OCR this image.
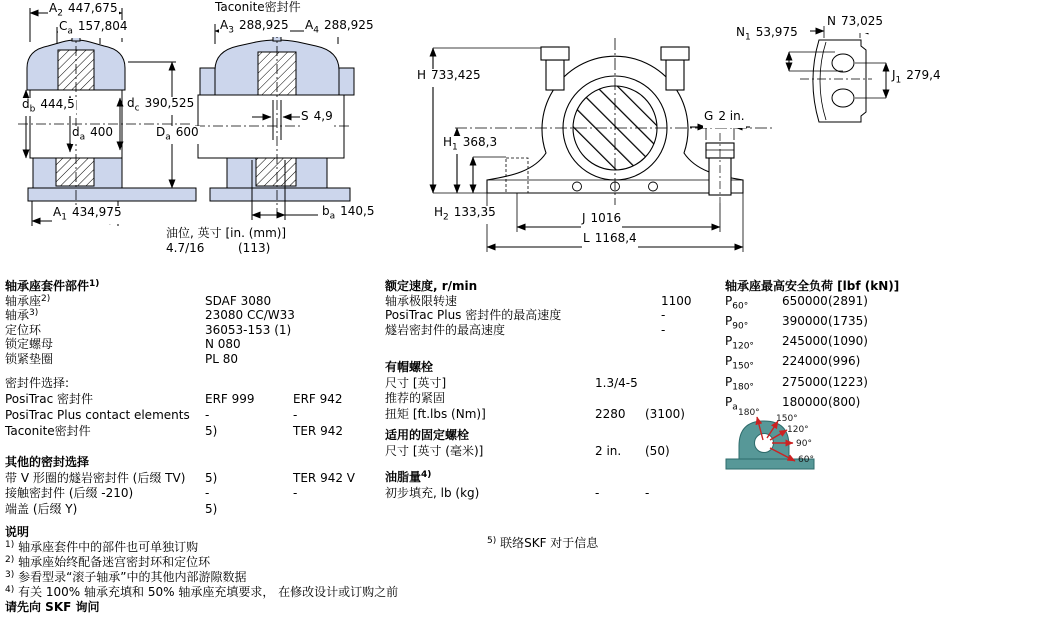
$A_2$ 447,675
$C_a$ 157,804
$d_b$ 444,5	$d_c$ 390,525
$d_a$ 400	$D_a$ 600
$A_1$ 434,975
Taconite密封件
$A_3$ 288,925 $A_4$ 288,925
S 4,9
$b_a$ 140,5
油位, 英寸 [in. (mm)]
4.7/16	(113)
H 733,425
$H_1$ 368,3
$H_2$ 133,35
G 2 in.
J 1016
L 1168,4
N 73,025
$N_1$ 53,975
$J_1$ 279,4
180°
150°
120°
90°
60°
轴承座套件部件$^{1)}$
轴承座$^{2)}$	SDAF 3080
轴承$^{3)}$	23080 CC/W33
定位环	36053-153 (1)
锁定螺母	N 080
锁紧垫圈	PL 80
密封件选择:
PosiTrac 密封件	ERF 999	ERF 942
PosiTrac Plus contact elements	-	-
Taconite密封件	5)	TER 942
其他的密封选择
带 V 形圈的燧岩密封件 (后缀 TV)	5)	TER 942 V
接触密封件 (后缀 -210)	-	-
端盖 (后缀 Y)	5)
说明
$^{1)}$ 轴承座套件中的部件也可单独订购
$^{2)}$ 轴承座始终配备迷宫密封环和定位环
$^{3)}$ 参看型录“滚子轴承”中的其他内部游隙数据
$^{4)}$ 有关 100% 轴承充填和 50% 轴承座充填要求， 在修改设计或订购之前
请先向 SKF 询问
额定速度, r/min
轴承极限转速	1100
PosiTrac Plus 密封件的最高速度	-
燧岩密封件的最高速度	-
有帽螺栓
尺寸 [英寸]	1.3/4-5
推荐的紧固
扭矩 [ft.lbs (Nm)]	2280	(3100)
适用的固定螺栓
尺寸 [英寸 (毫米)]	2 in.	(50)
油脂量$^{4)}$
初步填充, lb (kg)	-	-
$^{5)}$ 联络SKF 对于信息
轴承座最高安全负荷 [lbf (kN)]
$P_{60^\circ}$	650000 (2891)
$P_{90^\circ}$	390000 (1735)
$P_{120^\circ}$	245000 (1090)
$P_{150^\circ}$	224000 (996)
$P_{180^\circ}$	275000 (1223)
$P_a$	180000 (800)
